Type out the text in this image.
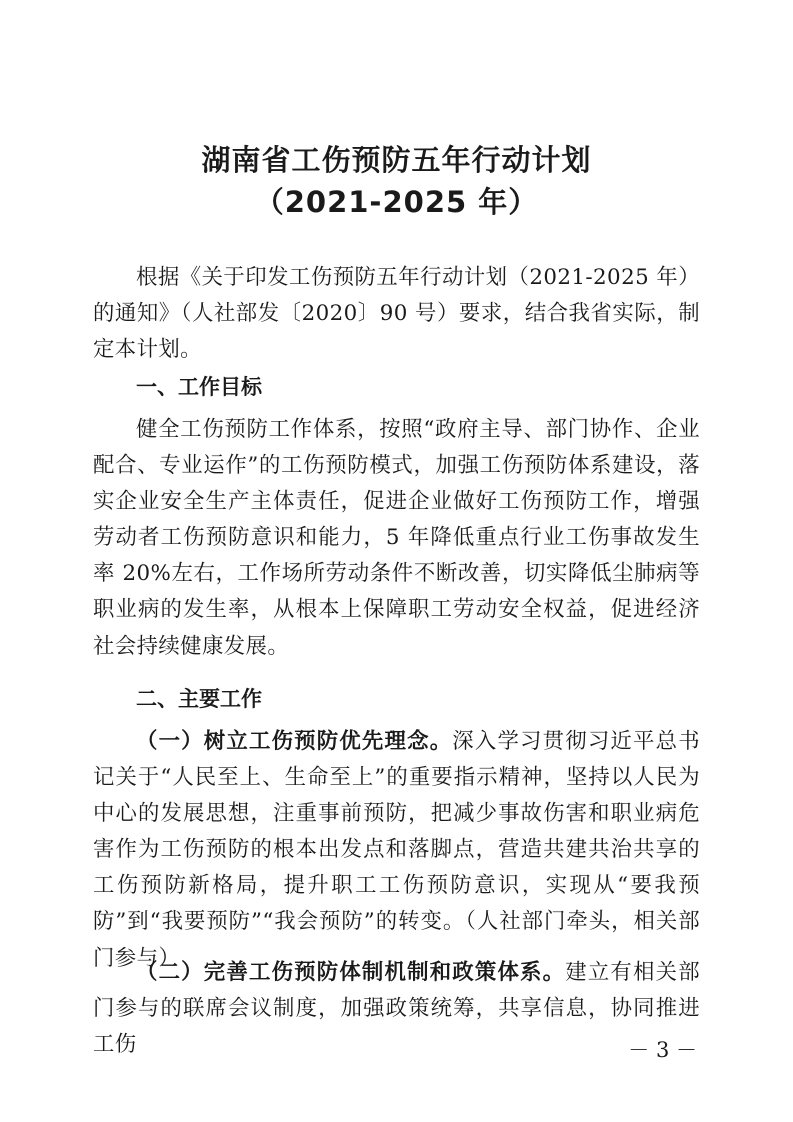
湖南省工伤预防五年行动计划
（2021-2025 年）

根据《关于印发工伤预防五年行动计划（2021-2025 年）的通知》（人社部发〔2020〕90 号）要求，结合我省实际，制定本计划。

一、工作目标

健全工伤预防工作体系，按照“政府主导、部门协作、企业配合、专业运作”的工伤预防模式，加强工伤预防体系建设，落实企业安全生产主体责任，促进企业做好工伤预防工作，增强劳动者工伤预防意识和能力，5 年降低重点行业工伤事故发生率 20%左右，工作场所劳动条件不断改善，切实降低尘肺病等职业病的发生率，从根本上保障职工劳动安全权益，促进经济社会持续健康发展。

二、主要工作

（一）树立工伤预防优先理念。深入学习贯彻习近平总书记关于“人民至上、生命至上”的重要指示精神，坚持以人民为中心的发展思想，注重事前预防，把减少事故伤害和职业病危害作为工伤预防的根本出发点和落脚点，营造共建共治共享的工伤预防新格局，提升职工工伤预防意识，实现从“要我预防”到“我要预防”“我会预防”的转变。（人社部门牵头，相关部门参与）

（二）完善工伤预防体制机制和政策体系。建立有相关部门参与的联席会议制度，加强政策统筹，共享信息，协同推进工伤	－ 3 －
